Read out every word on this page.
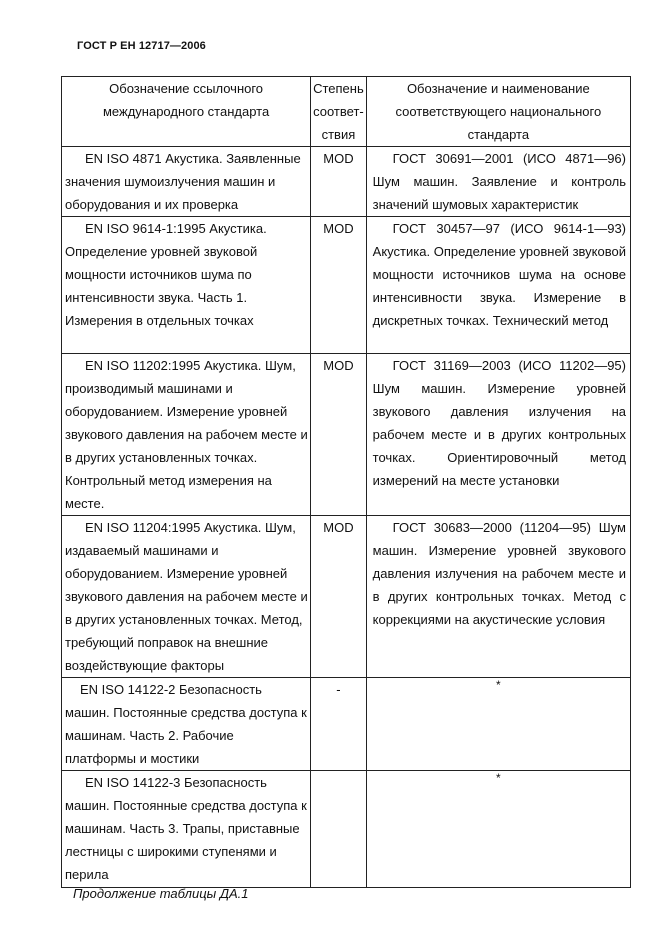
ГОСТ Р ЕН 12717—2006
Обозначение ссылочного международного стандарта	Степень соответ-ствия	Обозначение и наименование соответствующего национального стандарта

EN ISO 4871 Акустика. Заявленные значения шумоизлучения машин и оборудования и их проверка	MOD	ГОСТ 30691—2001 (ИСО 4871—96) Шум машин. Заявление и контроль значений шумовых характеристик

EN ISO 9614-1:1995 Акустика. Определение уровней звуковой мощности источников шума по интенсивности звука. Часть 1. Измерения в отдельных точках	MOD	ГОСТ 30457—97 (ИСО 9614-1—93) Акустика. Определение уровней звуковой мощности источников шума на основе интенсивности звука. Измерение в дискретных точках. Технический метод

EN ISO 11202:1995 Акустика. Шум, производимый машинами и оборудованием. Измерение уровней звукового давления на рабочем месте и в других установленных точках. Контрольный метод измерения на месте.	MOD	ГОСТ 31169—2003 (ИСО 11202—95) Шум машин. Измерение уровней звукового давления излучения на рабочем месте и в других контрольных точках. Ориентировочный метод измерений на месте установки

EN ISO 11204:1995 Акустика. Шум, издаваемый машинами и оборудованием. Измерение уровней звукового давления на рабочем месте и в других установленных точках. Метод, требующий поправок на внешние воздействующие факторы	MOD	ГОСТ 30683—2000 (11204—95) Шум машин. Измерение уровней звукового давления излучения на рабочем месте и в других контрольных точках. Метод с коррекциями на акустические условия

EN ISO 14122-2 Безопасность машин. Постоянные средства доступа к машинам. Часть 2. Рабочие платформы и мостики	-	*

EN ISO 14122-3 Безопасность машин. Постоянные средства доступа к машинам. Часть 3. Трапы, приставные лестницы с широкими ступенями и перила		*
Продолжение таблицы ДА.1
